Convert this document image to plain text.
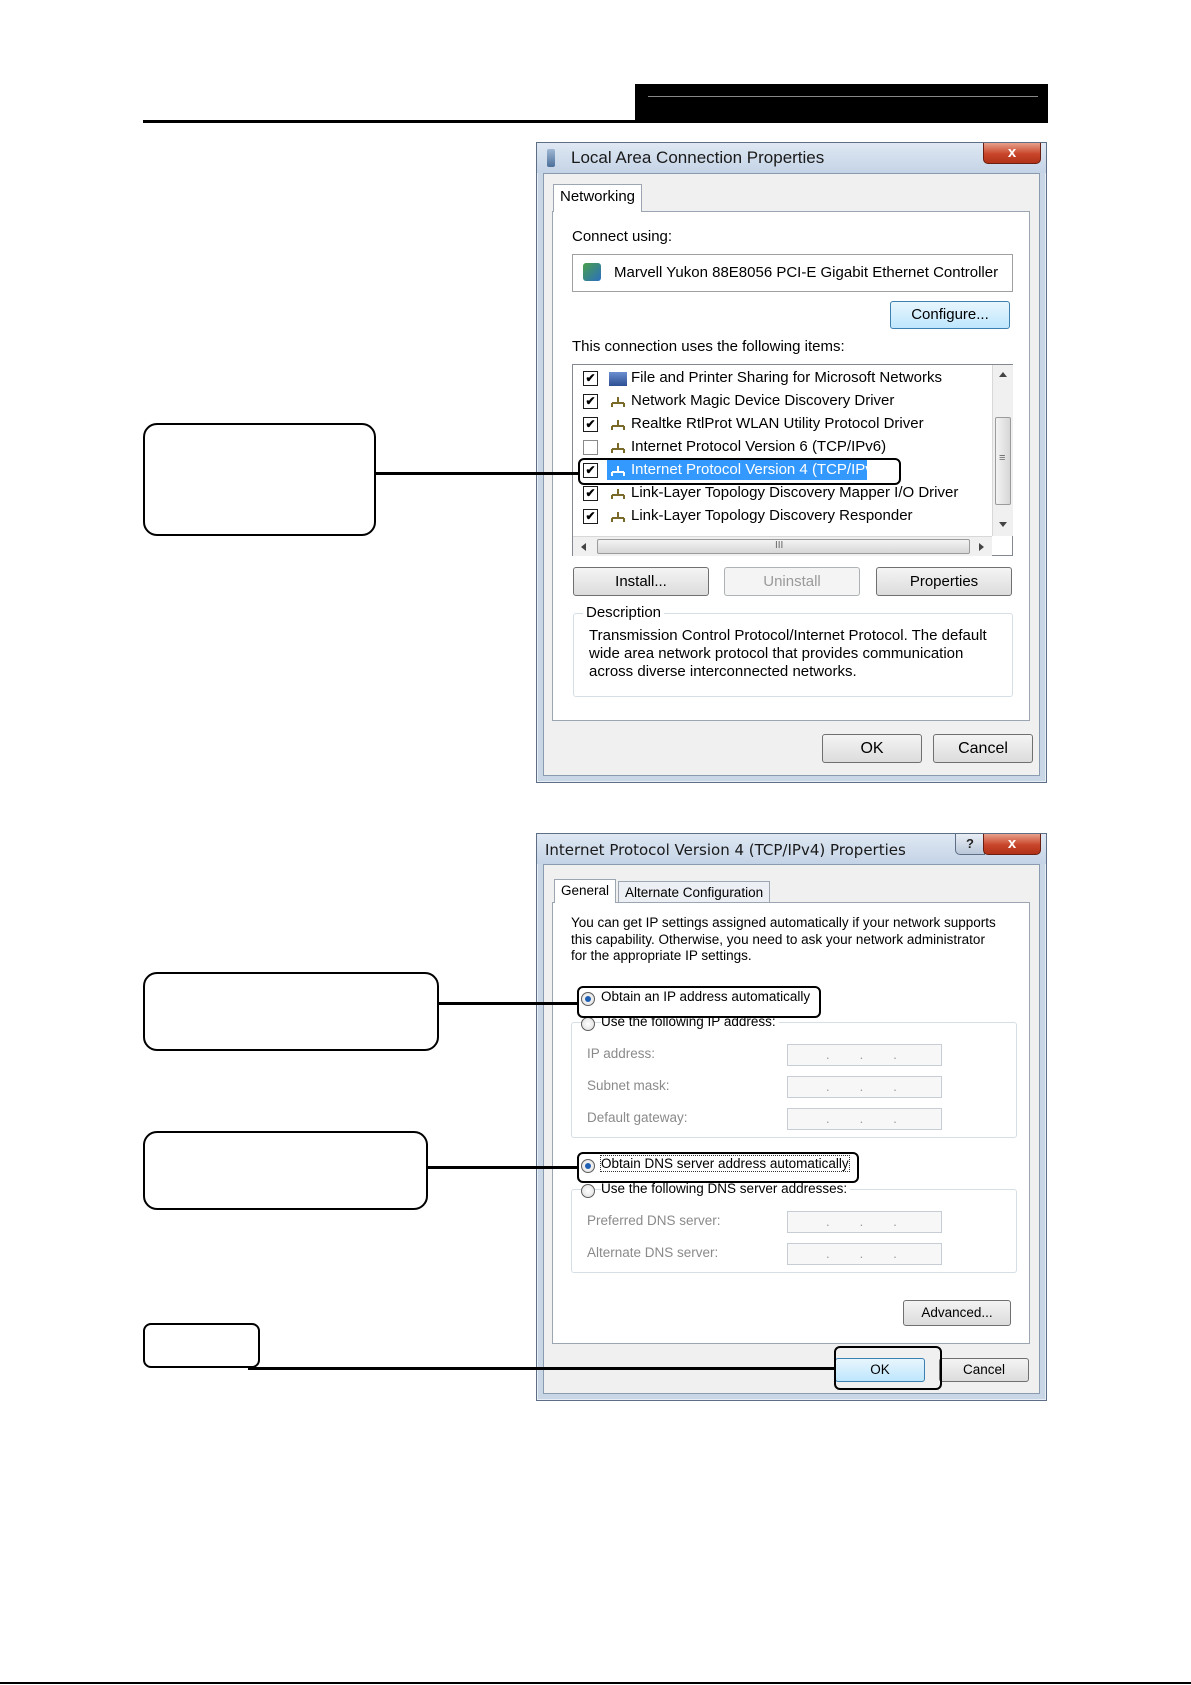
Local Area Connection Properties	x
Networking
Connect using:
Marvell Yukon 88E8056 PCI-E Gigabit Ethernet Controller
Configure...
This connection uses the following items:
✔ File and Printer Sharing for Microsoft Networks
✔ Network Magic Device Discovery Driver
✔ Realtke RtlProt WLAN Utility Protocol Driver
Internet Protocol Version 6 (TCP/IPv6)
✔ Internet Protocol Version 4 (TCP/IPv4)
✔ Link-Layer Topology Discovery Mapper I/O Driver
✔ Link-Layer Topology Discovery Responder
≡
III
Install...	Uninstall	Properties
Description
Transmission Control Protocol/Internet Protocol. The default wide area network protocol that provides communication across diverse interconnected networks.
OK	Cancel
Internet Protocol Version 4 (TCP/IPv4) Properties	?	x
General	Alternate Configuration
You can get IP settings assigned automatically if your network supports this capability. Otherwise, you need to ask your network administrator for the appropriate IP settings.
Obtain an IP address automatically
Use the following IP address:
IP address:	...
Subnet mask:	...
Default gateway:	...
Obtain DNS server address automatically
Use the following DNS server addresses:
Preferred DNS server:	...
Alternate DNS server:	...
Advanced...
OK	Cancel
